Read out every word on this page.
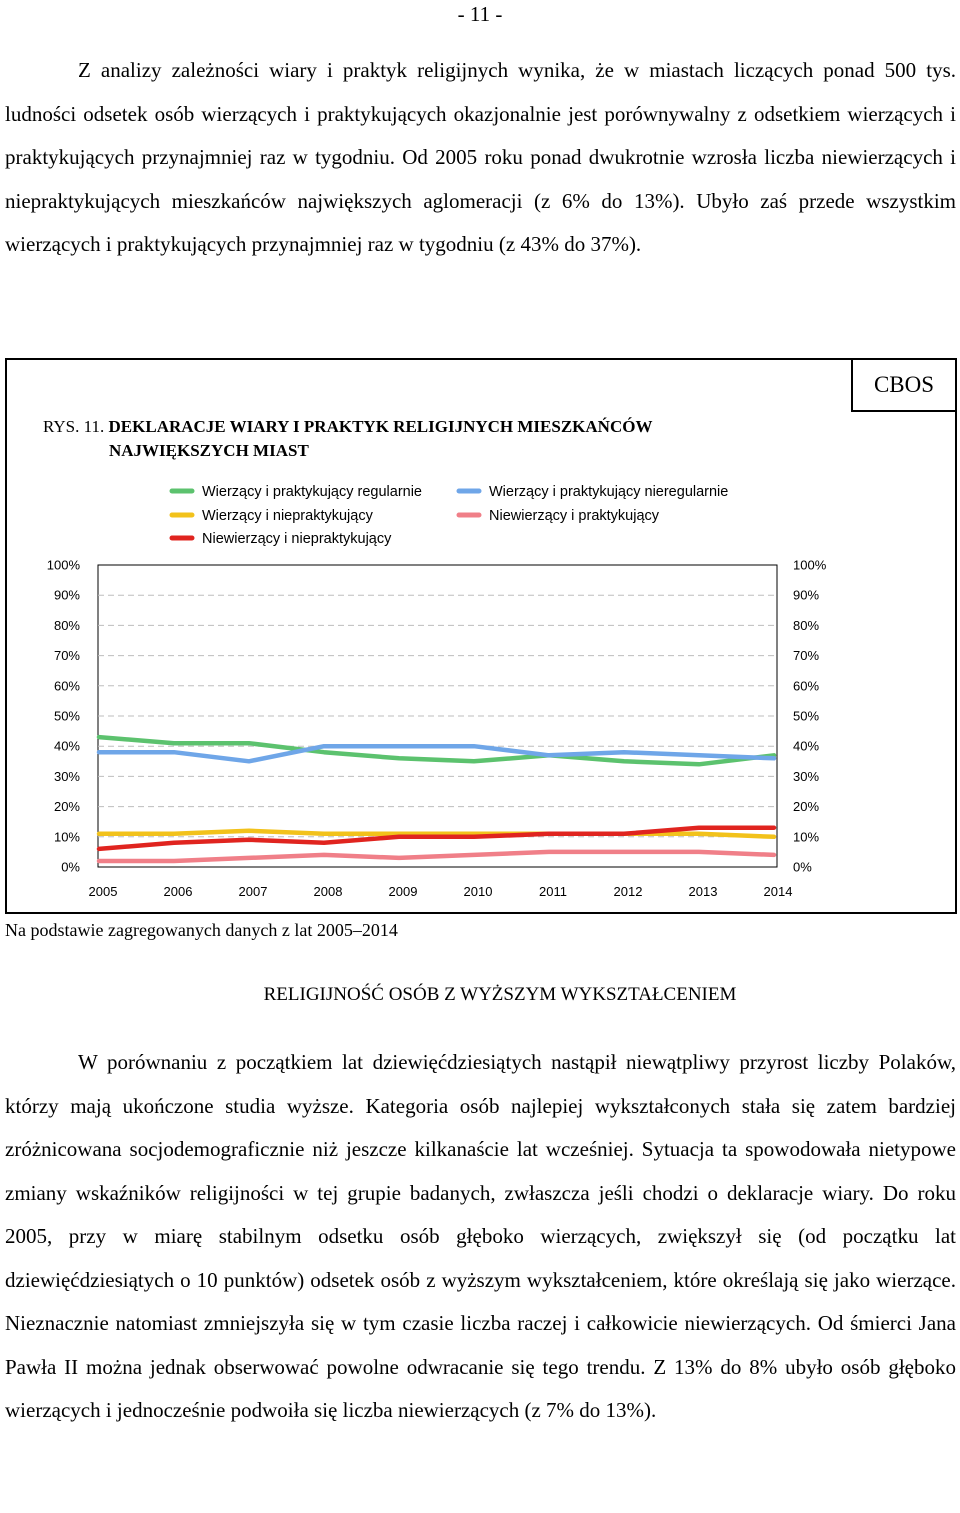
- 11 -

Z analizy zależności wiary i praktyk religijnych wynika, że w miastach liczących ponad 500 tys. ludności odsetek osób wierzących i praktykujących okazjonalnie jest porównywalny z odsetkiem wierzących i praktykujących przynajmniej raz w tygodniu. Od 2005 roku ponad dwukrotnie wzrosła liczba niewierzących i niepraktykujących mieszkańców największych aglomeracji (z 6% do 13%). Ubyło zaś przede wszystkim wierzących i praktykujących przynajmniej raz w tygodniu (z 43% do 37%).

CBOS
RYS. 11. DEKLARACJE WIARY I PRAKTYK RELIGIJNYCH MIESZKAŃCÓW
NAJWIĘKSZYCH MIAST
0%	0%
10%	10%
20%	20%
30%	30%
40%	40%
50%	50%
60%	60%
70%	70%
80%	80%
90%	90%
100%	100%
2005	2006	2007	2008	2009	2010	2011	2012	2013	2014
Wierzący i praktykujący regularnie	Wierzący i praktykujący nieregularnie
Wierzący i niepraktykujący	Niewierzący i praktykujący
Niewierzący i niepraktykujący
Na podstawie zagregowanych danych z lat 2005–2014
RELIGIJNOŚĆ OSÓB Z WYŻSZYM WYKSZTAŁCENIEM

W porównaniu z początkiem lat dziewięćdziesiątych nastąpił niewątpliwy przyrost liczby Polaków, którzy mają ukończone studia wyższe. Kategoria osób najlepiej wykształconych stała się zatem bardziej zróżnicowana socjodemograficznie niż jeszcze kilkanaście lat wcześniej. Sytuacja ta spowodowała nietypowe zmiany wskaźników religijności w tej grupie badanych, zwłaszcza jeśli chodzi o deklaracje wiary. Do roku 2005, przy w miarę stabilnym odsetku osób głęboko wierzących, zwiększył się (od początku lat dziewięćdziesiątych o 10 punktów) odsetek osób z wyższym wykształceniem, które określają się jako wierzące. Nieznacznie natomiast zmniejszyła się w tym czasie liczba raczej i całkowicie niewierzących. Od śmierci Jana Pawła II można jednak obserwować powolne odwracanie się tego trendu. Z 13% do 8% ubyło osób głęboko wierzących i jednocześnie podwoiła się liczba niewierzących (z 7% do 13%).
